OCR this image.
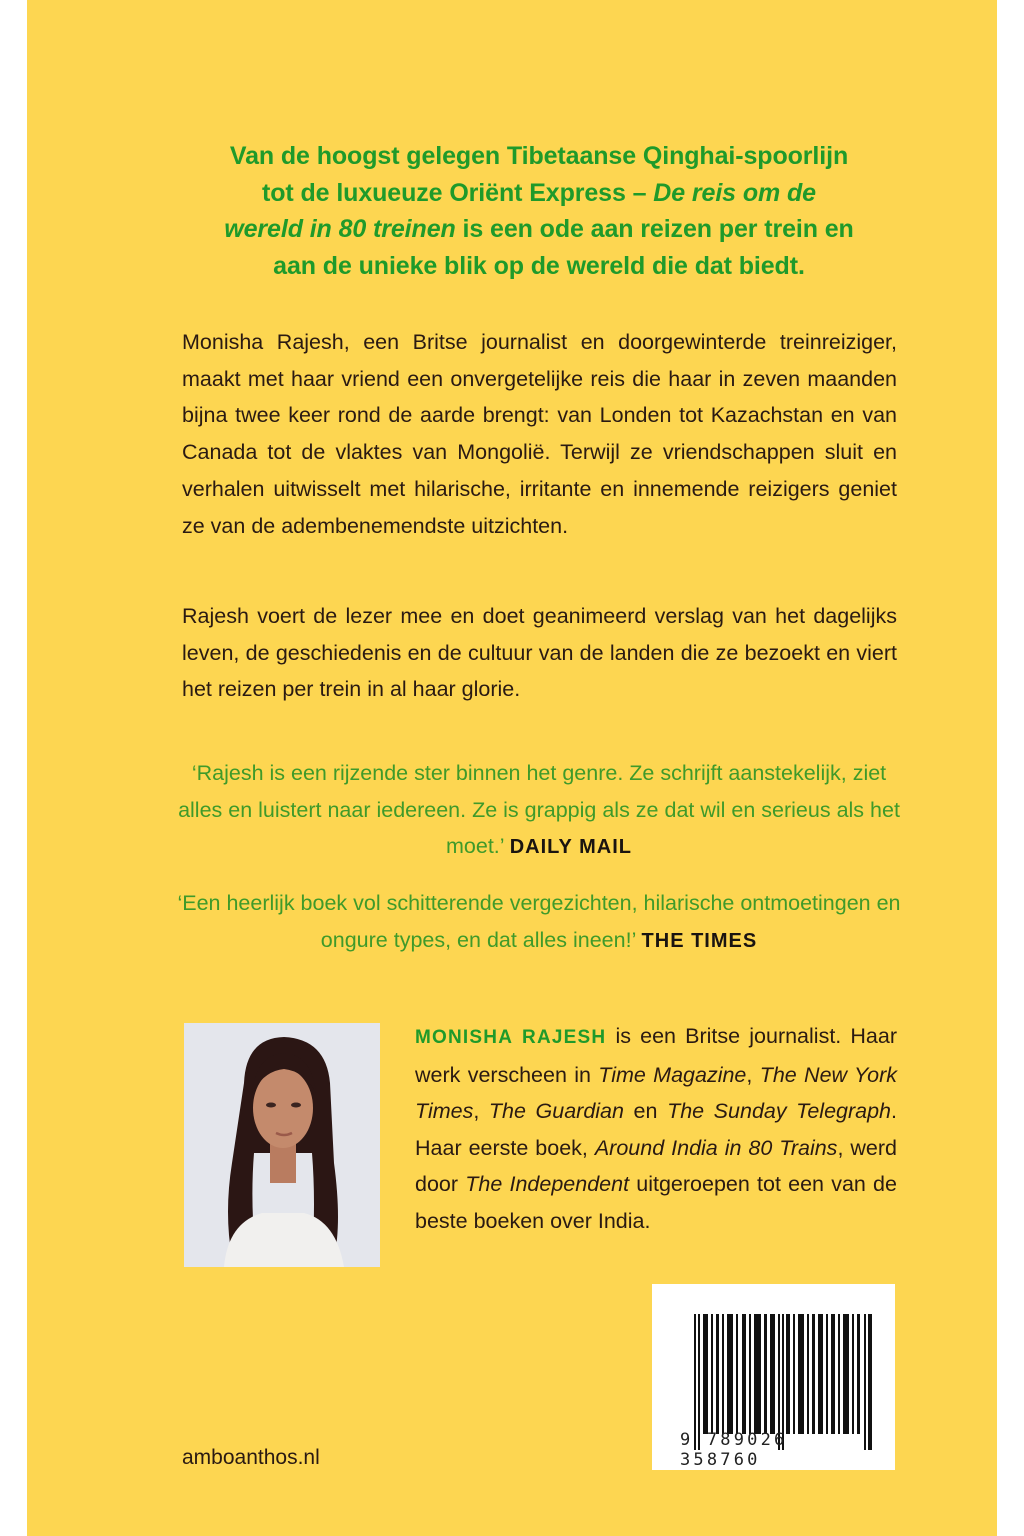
Van de hoogst gelegen Tibetaanse Qinghai-spoorlijn
tot de luxueuze Oriënt Express – De reis om de
wereld in 80 treinen is een ode aan reizen per trein en
aan de unieke blik op de wereld die dat biedt.

Monisha Rajesh, een Britse journalist en doorgewinterde treinreiziger, maakt met haar vriend een onvergetelijke reis die haar in zeven maanden bijna twee keer rond de aarde brengt: van Londen tot Kazachstan en van Canada tot de vlaktes van Mongolië. Terwijl ze vriendschappen sluit en verhalen uitwisselt met hilarische, irritante en innemende reizigers geniet ze van de adembenemendste uitzichten.

Rajesh voert de lezer mee en doet geanimeerd verslag van het dagelijks leven, de geschiedenis en de cultuur van de landen die ze bezoekt en viert het reizen per trein in al haar glorie.

‘Rajesh is een rijzende ster binnen het genre. Ze schrijft aanstekelijk, ziet alles en luistert naar iedereen. Ze is grappig als ze dat wil en serieus als het moet.’ DAILY MAIL
‘Een heerlijk boek vol schitterende vergezichten, hilarische ontmoetingen en ongure types, en dat alles ineen!’ THE TIMES
MONISHA RAJESH is een Britse journalist. Haar werk verscheen in Time Magazine, The New York Times, The Guardian en The Sunday Telegraph. Haar eerste boek, Around India in 80 Trains, werd door The Independent uitgeroepen tot een van de beste boeken over India.
9 789026 358760
amboanthos.nl
